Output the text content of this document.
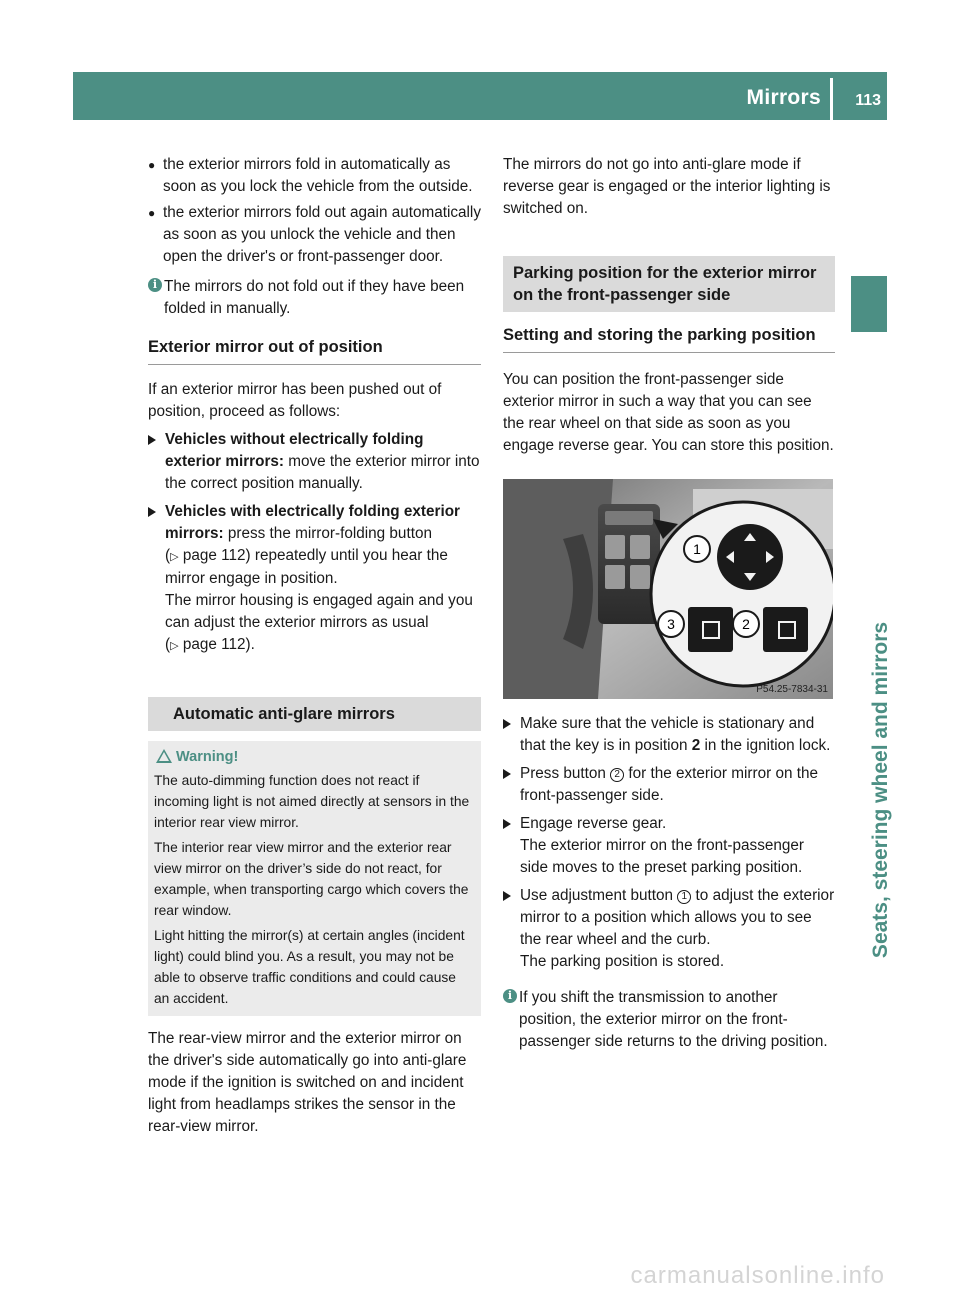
Mirrors 113
Seats, steering wheel and mirrors
● the exterior mirrors fold in automatically as soon as you lock the vehicle from the outside.
● the exterior mirrors fold out again automatically as soon as you unlock the vehicle and then open the driver's or front-passenger door.
i The mirrors do not fold out if they have been folded in manually.
Exterior mirror out of position
If an exterior mirror has been pushed out of position, proceed as follows:
Vehicles without electrically folding exterior mirrors: move the exterior mirror into the correct position manually.
Vehicles with electrically folding exterior mirrors: press the mirror-folding button (▷ page 112) repeatedly until you hear the mirror engage in position.
The mirror housing is engaged again and you can adjust the exterior mirrors as usual (▷ page 112).
Automatic anti-glare mirrors
Warning!
The auto-dimming function does not react if incoming light is not aimed directly at sensors in the interior rear view mirror.
The interior rear view mirror and the exterior rear view mirror on the driver’s side do not react, for example, when transporting cargo which covers the rear window.
Light hitting the mirror(s) at certain angles (incident light) could blind you. As a result, you may not be able to observe traffic conditions and could cause an accident.
The rear-view mirror and the exterior mirror on the driver's side automatically go into anti-glare mode if the ignition is switched on and incident light from headlamps strikes the sensor in the rear-view mirror.
The mirrors do not go into anti-glare mode if reverse gear is engaged or the interior lighting is switched on.
Parking position for the exterior mirror on the front-passenger side
Setting and storing the parking position
You can position the front-passenger side exterior mirror in such a way that you can see the rear wheel on that side as soon as you engage reverse gear. You can store this position.
1
3	2
P54.25-7834-31
Make sure that the vehicle is stationary and that the key is in position 2 in the ignition lock.
Press button 2 for the exterior mirror on the front-passenger side.
Engage reverse gear.
The exterior mirror on the front-passenger side moves to the preset parking position.
Use adjustment button 1 to adjust the exterior mirror to a position which allows you to see the rear wheel and the curb.
The parking position is stored.
i If you shift the transmission to another position, the exterior mirror on the front-passenger side returns to the driving position.
carmanualsonline.info
